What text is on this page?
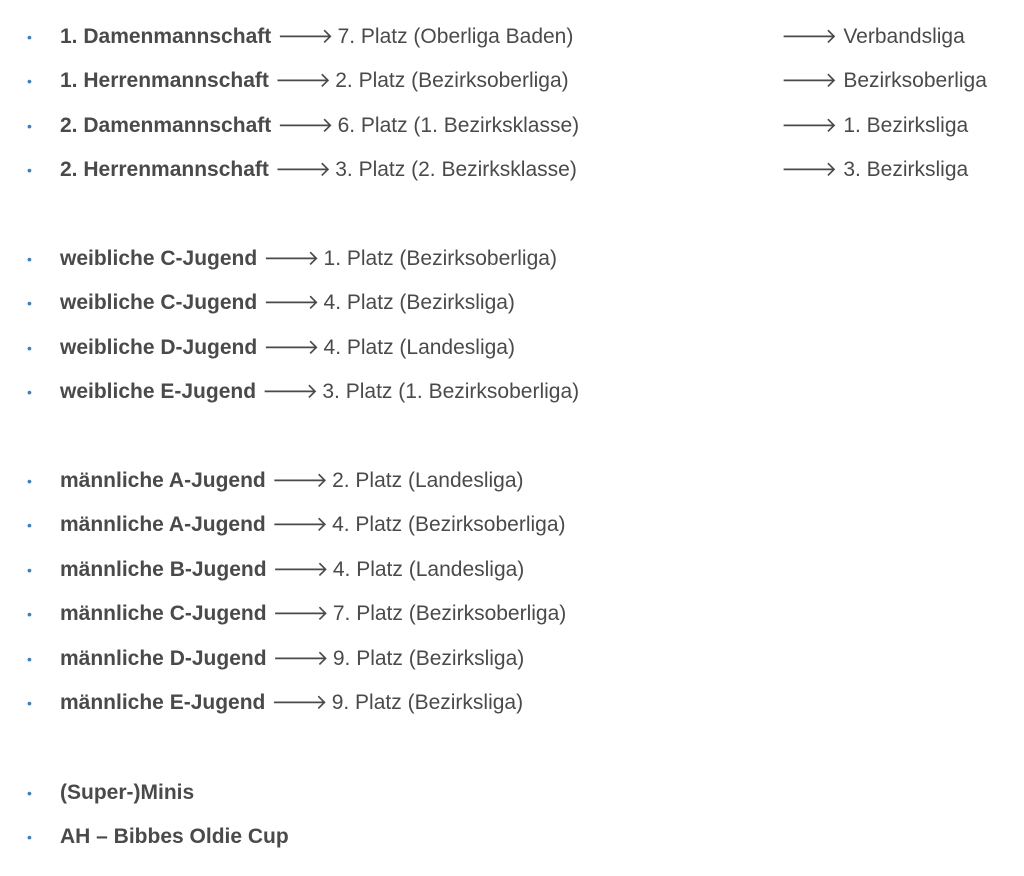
• 1. Damenmannschaft 🡒 7. Platz (Oberliga Baden)	🡒 Verbandsliga
• 1. Herrenmannschaft 🡒 2. Platz (Bezirksoberliga)	🡒 Bezirksoberliga
• 2. Damenmannschaft 🡒 6. Platz (1. Bezirksklasse)	🡒 1. Bezirksliga
• 2. Herrenmannschaft 🡒 3. Platz (2. Bezirksklasse)	🡒 3. Bezirksliga
• weibliche C-Jugend 🡒 1. Platz (Bezirksoberliga)
• weibliche C-Jugend 🡒 4. Platz (Bezirksliga)
• weibliche D-Jugend 🡒 4. Platz (Landesliga)
• weibliche E-Jugend 🡒 3. Platz (1. Bezirksoberliga)
• männliche A-Jugend 🡒 2. Platz (Landesliga)
• männliche A-Jugend 🡒 4. Platz (Bezirksoberliga)
• männliche B-Jugend 🡒 4. Platz (Landesliga)
• männliche C-Jugend 🡒 7. Platz (Bezirksoberliga)
• männliche D-Jugend 🡒 9. Platz (Bezirksliga)
• männliche E-Jugend 🡒 9. Platz (Bezirksliga)
• (Super-)Minis
• AH – Bibbes Oldie Cup
